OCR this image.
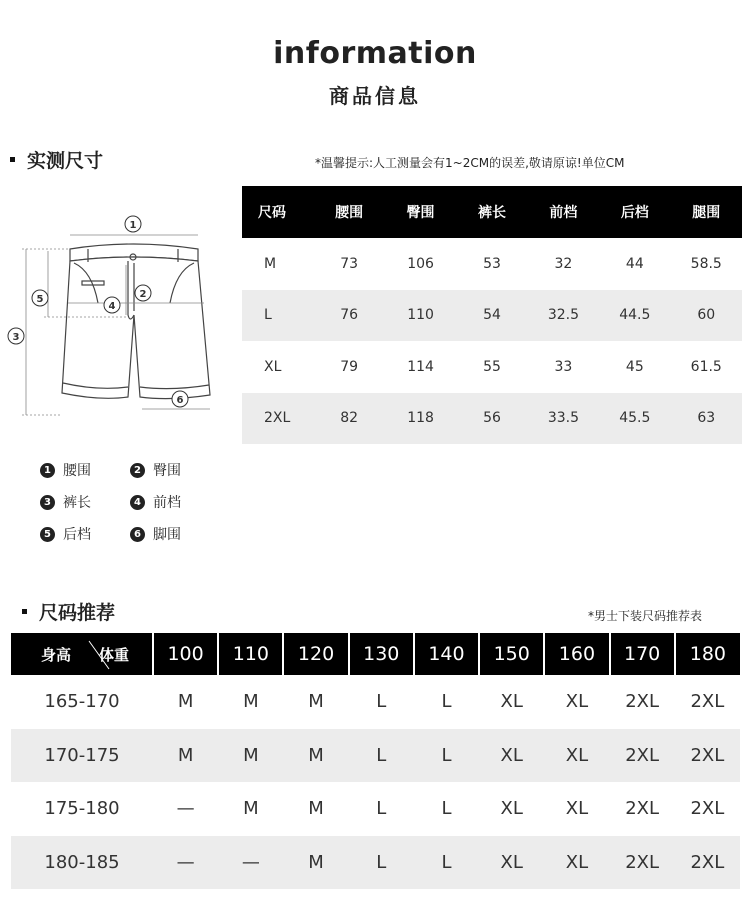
information
商品信息
实测尺寸	*温馨提示:人工测量会有1~2CM的误差,敬请原谅!单位CM
尺码	腰围	臀围	裤长	前档	后档	腿围
M	73	106	53	32	44	58.5
L	76	110	54	32.5	44.5	60
XL	79	114	55	33	45	61.5
2XL	82	118	56	33.5	45.5	63
1
2
3
4
5
6
1 腰围	2 臀围
3 裤长	4 前档
5 后档	6 脚围
尺码推荐	*男士下装尺码推荐表
身高 体重	100	110	120	130	140	150	160	170	180
165-170	M	M	M	L	L	XL	XL	2XL	2XL
170-175	M	M	M	L	L	XL	XL	2XL	2XL
175-180	—	M	M	L	L	XL	XL	2XL	2XL
180-185	—	—	M	L	L	XL	XL	2XL	2XL
